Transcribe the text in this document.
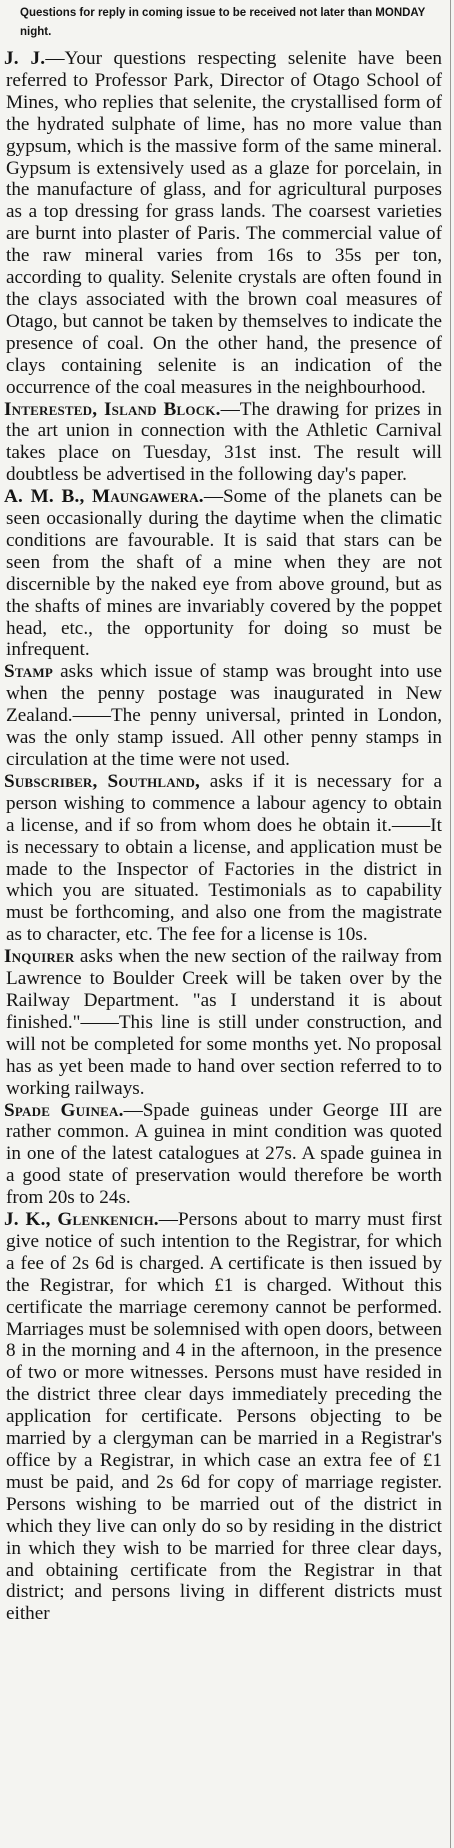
Questions for reply in coming issue to be received not later than MONDAY night.

J. J.—Your questions respecting selenite have been referred to Professor Park, Director of Otago School of Mines, who replies that selenite, the crystallised form of the hydrated sulphate of lime, has no more value than gypsum, which is the massive form of the same mineral. Gypsum is extensively used as a glaze for porcelain, in the manufacture of glass, and for agricultural purposes as a top dressing for grass lands. The coarsest varieties are burnt into plaster of Paris. The commercial value of the raw mineral varies from 16s to 35s per ton, according to quality. Selenite crystals are often found in the clays associated with the brown coal measures of Otago, but cannot be taken by themselves to indicate the presence of coal. On the other hand, the presence of clays containing selenite is an indication of the occurrence of the coal measures in the neighbourhood.

Interested, Island Block.—The drawing for prizes in the art union in connection with the Athletic Carnival takes place on Tuesday, 31st inst. The result will doubtless be advertised in the following day's paper.

A. M. B., Maungawera.—Some of the planets can be seen occasionally during the daytime when the climatic conditions are favourable. It is said that stars can be seen from the shaft of a mine when they are not discernible by the naked eye from above ground, but as the shafts of mines are invariably covered by the poppet head, etc., the opportunity for doing so must be infrequent.

Stamp asks which issue of stamp was brought into use when the penny postage was inaugurated in New Zealand.——The penny universal, printed in London, was the only stamp issued. All other penny stamps in circulation at the time were not used.

Subscriber, Southland, asks if it is necessary for a person wishing to commence a labour agency to obtain a license, and if so from whom does he obtain it.——It is necessary to obtain a license, and application must be made to the Inspector of Factories in the district in which you are situated. Testimonials as to capability must be forthcoming, and also one from the magistrate as to character, etc. The fee for a license is 10s.

Inquirer asks when the new section of the railway from Lawrence to Boulder Creek will be taken over by the Railway Department. "as I understand it is about finished."——This line is still under construction, and will not be completed for some months yet. No proposal has as yet been made to hand over section referred to to working railways.

Spade Guinea.—Spade guineas under George III are rather common. A guinea in mint condition was quoted in one of the latest catalogues at 27s. A spade guinea in a good state of preservation would therefore be worth from 20s to 24s.

J. K., Glenkenich.—Persons about to marry must first give notice of such intention to the Registrar, for which a fee of 2s 6d is charged. A certificate is then issued by the Registrar, for which £1 is charged. Without this certificate the marriage ceremony cannot be performed. Marriages must be solemnised with open doors, between 8 in the morning and 4 in the afternoon, in the presence of two or more witnesses. Persons must have resided in the district three clear days immediately preceding the application for certificate. Persons objecting to be married by a clergyman can be married in a Registrar's office by a Registrar, in which case an extra fee of £1 must be paid, and 2s 6d for copy of marriage register. Persons wishing to be married out of the district in which they live can only do so by residing in the district in which they wish to be married for three clear days, and obtaining certificate from the Registrar in that district; and persons living in different districts must either
